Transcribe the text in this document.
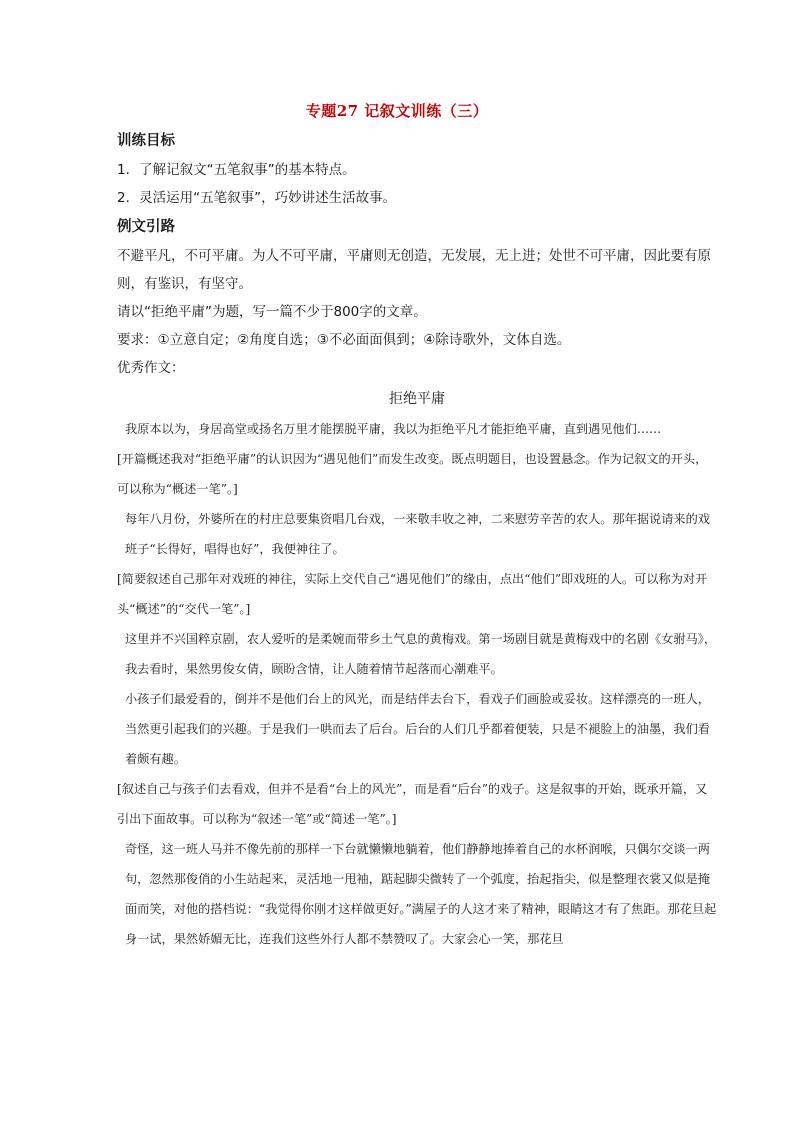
专题27 记叙文训练（三）

训练目标

1．了解记叙文“五笔叙事”的基本特点。

2．灵活运用“五笔叙事”，巧妙讲述生活故事。

例文引路

不避平凡，不可平庸。为人不可平庸，平庸则无创造，无发展，无上进；处世不可平庸，因此要有原则，有鉴识，有坚守。

请以“拒绝平庸”为题，写一篇不少于800字的文章。

要求：①立意自定；②角度自选；③不必面面俱到；④除诗歌外，文体自选。

优秀作文：

拒绝平庸

我原本以为，身居高堂或扬名万里才能摆脱平庸，我以为拒绝平凡才能拒绝平庸，直到遇见他们……

[开篇概述我对“拒绝平庸”的认识因为“遇见他们”而发生改变。既点明题目，也设置悬念。作为记叙文的开头，可以称为“概述一笔”。]

每年八月份，外婆所在的村庄总要集资唱几台戏，一来敬丰收之神，二来慰劳辛苦的农人。那年据说请来的戏班子“长得好，唱得也好”，我便神往了。

[简要叙述自己那年对戏班的神往，实际上交代自己“遇见他们”的缘由，点出“他们”即戏班的人。可以称为对开头“概述”的“交代一笔”。]

这里并不兴国粹京剧，农人爱听的是柔婉而带乡土气息的黄梅戏。第一场剧目就是黄梅戏中的名剧《女驸马》，我去看时，果然男俊女倩，顾盼含情，让人随着情节起落而心潮难平。

小孩子们最爱看的，倒并不是他们台上的风光，而是结伴去台下，看戏子们画脸或妥妆。这样漂亮的一班人，当然更引起我们的兴趣。于是我们一哄而去了后台。后台的人们几乎都着便装，只是不褪脸上的油墨，我们看着颇有趣。

[叙述自己与孩子们去看戏，但并不是看“台上的风光”，而是看“后台”的戏子。这是叙事的开始，既承开篇，又引出下面故事。可以称为“叙述一笔”或“简述一笔”。]

奇怪，这一班人马并不像先前的那样一下台就懒懒地躺着，他们静静地捧着自己的水杯润喉，只偶尔交谈一两句，忽然那俊俏的小生站起来，灵活地一甩袖，踮起脚尖微转了一个弧度，抬起指尖，似是整理衣裳又似是掩面而笑，对他的搭档说：“我觉得你刚才这样做更好。”满屋子的人这才来了精神，眼睛这才有了焦距。那花旦起身一试，果然娇媚无比，连我们这些外行人都不禁赞叹了。大家会心一笑，那花旦
